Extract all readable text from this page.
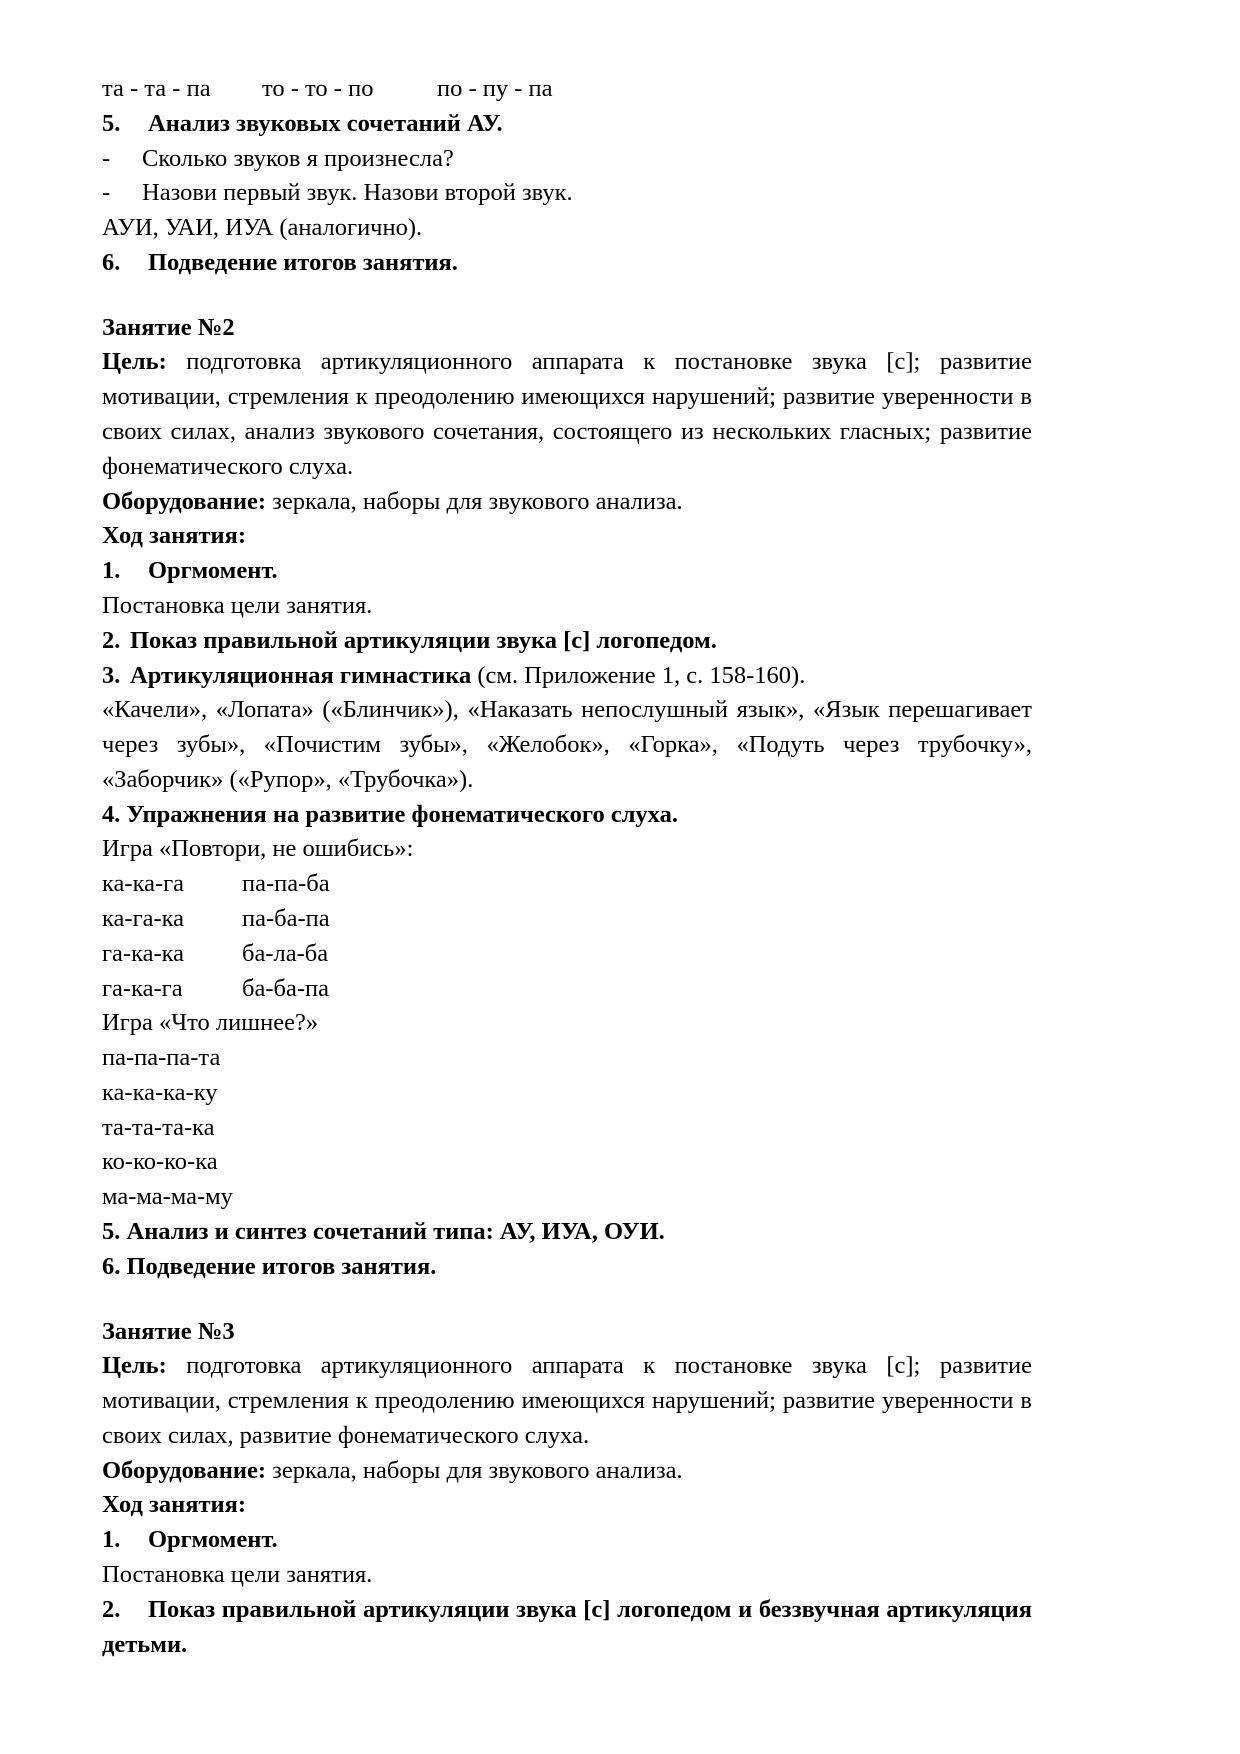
та - та - па то - то - по	по - пу - па

5. Анализ звуковых сочетаний АУ.

- Сколько звуков я произнесла?

- Назови первый звук. Назови второй звук.

АУИ, УАИ, ИУА (аналогично).

6. Подведение итогов занятия.

Занятие №2

Цель: подготовка артикуляционного аппарата к постановке звука [с]; развитие мотивации, стремления к преодолению имеющихся нарушений; развитие уверенности в своих силах, анализ звукового сочетания, состоящего из нескольких гласных; развитие фонематического слуха.

Оборудование: зеркала, наборы для звукового анализа.

Ход занятия:

1. Оргмомент.

Постановка цели занятия.

2. Показ правильной артикуляции звука [с] логопедом.

3. Артикуляционная гимнастика (см. Приложение 1, с. 158-160).

«Качели», «Лопата» («Блинчик»), «Наказать непослушный язык», «Язык перешагивает через зубы», «Почистим зубы», «Желобок», «Горка», «Подуть через трубочку», «Заборчик» («Рупор», «Трубочка»).

4. Упражнения на развитие фонематического слуха.

Игра «Повтори, не ошибись»:

ка-ка-га па-па-ба

ка-га-ка па-ба-па

га-ка-ка ба-ла-ба

га-ка-га ба-ба-па

Игра «Что лишнее?»

па-па-па-та

ка-ка-ка-ку

та-та-та-ка

ко-ко-ко-ка

ма-ма-ма-му

5. Анализ и синтез сочетаний типа: АУ, ИУА, ОУИ.

6. Подведение итогов занятия.

Занятие №3

Цель: подготовка артикуляционного аппарата к постановке звука [с]; развитие мотивации, стремления к преодолению имеющихся нарушений; развитие уверенности в своих силах, развитие фонематического слуха.

Оборудование: зеркала, наборы для звукового анализа.

Ход занятия:

1. Оргмомент.

Постановка цели занятия.

2. Показ правильной артикуляции звука [с] логопедом и беззвучная артикуляция детьми.
